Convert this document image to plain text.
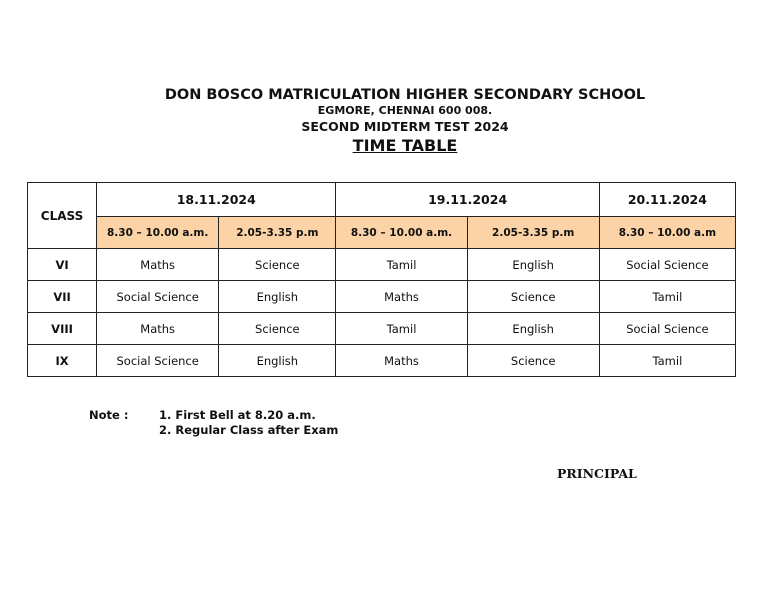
DON BOSCO MATRICULATION HIGHER SECONDARY SCHOOL
EGMORE, CHENNAI 600 008.
SECOND MIDTERM TEST 2024
TIME TABLE
CLASS	18.11.2024		19.11.2024		20.11.2024
	8.30 – 10.00 a.m.	2.05-3.35 p.m	8.30 – 10.00 a.m.	2.05-3.35 p.m	8.30 – 10.00 a.m
VI	Maths	Science	Tamil	English	Social Science
VII	Social Science	English	Maths	Science	Tamil
VIII	Maths	Science	Tamil	English	Social Science
IX	Social Science	English	Maths	Science	Tamil
Note :	1. First Bell at 8.20 a.m.
2. Regular Class after Exam
PRINCIPAL
